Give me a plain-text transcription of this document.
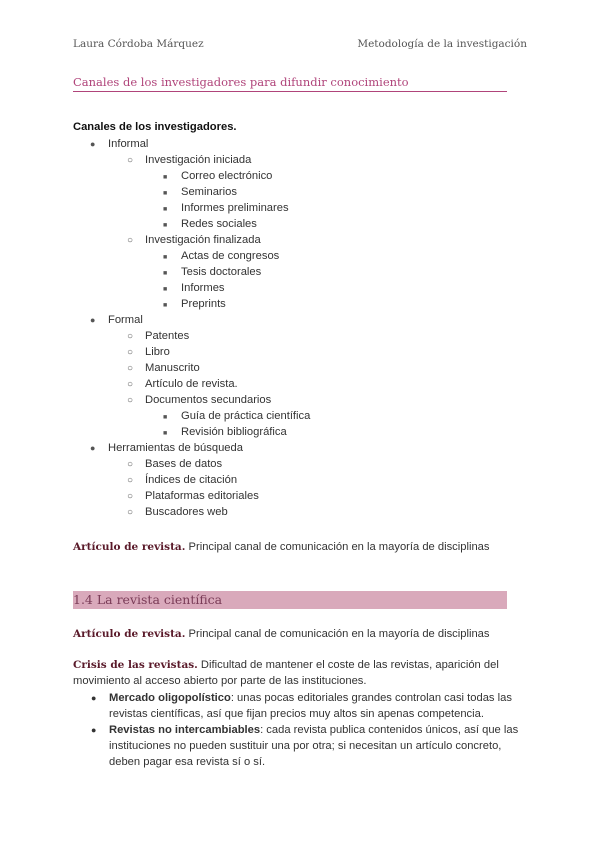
Laura Córdoba Márquez	Metodología de la investigación
Canales de los investigadores para difundir conocimiento
Canales de los investigadores.
● Informal
○ Investigación iniciada
■ Correo electrónico
■ Seminarios
■ Informes preliminares
■ Redes sociales
○ Investigación finalizada
■ Actas de congresos
■ Tesis doctorales
■ Informes
■ Preprints
● Formal
○ Patentes
○ Libro
○ Manuscrito
○ Artículo de revista.
○ Documentos secundarios
■ Guía de práctica científica
■ Revisión bibliográfica
● Herramientas de búsqueda
○ Bases de datos
○ Índices de citación
○ Plataformas editoriales
○ Buscadores web
Artículo de revista. Principal canal de comunicación en la mayoría de disciplinas
1.4 La revista científica
Artículo de revista. Principal canal de comunicación en la mayoría de disciplinas
Crisis de las revistas. Dificultad de mantener el coste de las revistas, aparición del movimiento al acceso abierto por parte de las instituciones.
● Mercado oligopolístico: unas pocas editoriales grandes controlan casi todas las revistas científicas, así que fijan precios muy altos sin apenas competencia.
● Revistas no intercambiables: cada revista publica contenidos únicos, así que las instituciones no pueden sustituir una por otra; si necesitan un artículo concreto, deben pagar esa revista sí o sí.
